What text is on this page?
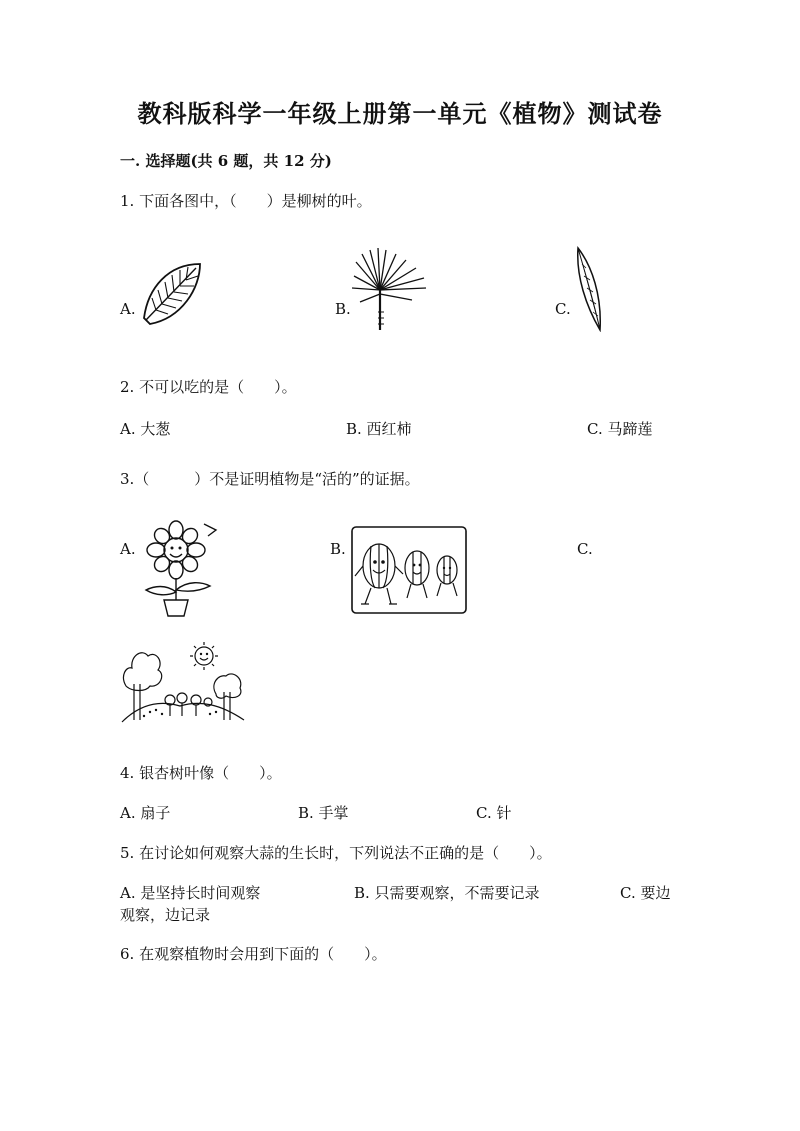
教科版科学一年级上册第一单元《植物》测试卷
一. 选择题(共 6 题，共 12 分)
1. 下面各图中，（　　）是柳树的叶。
A.	B.	C.
2. 不可以吃的是（　　）。
A. 大葱	B. 西红柿	C. 马蹄莲
3.（　　　）不是证明植物是“活的”的证据。
A.	B.	C.
4. 银杏树叶像（　　）。
A. 扇子	B. 手掌	C. 针
5. 在讨论如何观察大蒜的生长时，下列说法不正确的是（　　）。
A. 是坚持长时间观察	B. 只需要观察，不需要记录	C. 要边
观察，边记录
6. 在观察植物时会用到下面的（　　）。
